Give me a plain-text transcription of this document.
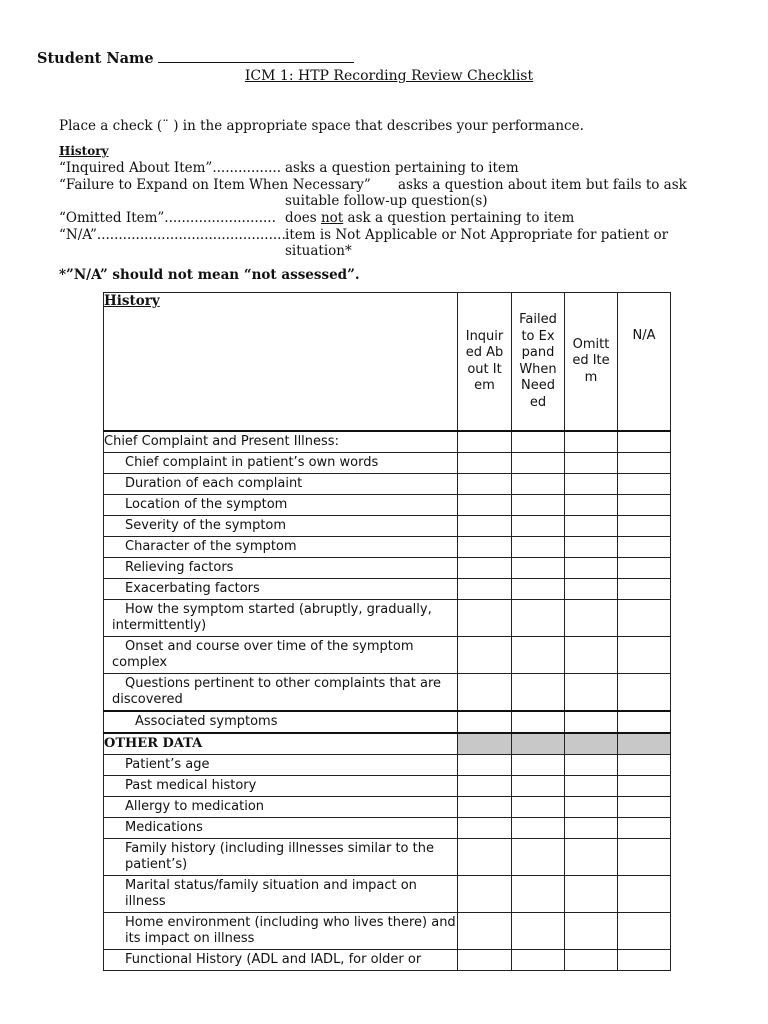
Student Name
ICM 1: HTP Recording Review Checklist
Place a check (¨ ) in the appropriate space that describes your performance.
History
“Inquired About Item”................ asks a question pertaining to item
“Failure to Expand on Item When Necessary” asks a question about item but fails to ask
suitable follow-up question(s)
“Omitted Item”.......................... does not ask a question pertaining to item
“N/A”............................................ item is Not Applicable or Not Appropriate for patient or
situation*
*”N/A” should not mean “not assessed”.
History	Inquired About Item	Failed to Expand When Needed	Omitted Item	N/A

Chief Complaint and Present Illness:				
Chief complaint in patient’s own words				
Duration of each complaint				
Location of the symptom				
Severity of the symptom				
Character of the symptom				
Relieving factors				
Exacerbating factors				
How the symptom started (abruptly, gradually, intermittently)				
Onset and course over time of the symptom complex				
Questions pertinent to other complaints that are discovered				
Associated symptoms				
OTHER DATA				
Patient’s age				
Past medical history				
Allergy to medication				
Medications				
Family history (including illnesses similar to the patient’s)				
Marital status/family situation and impact on illness				
Home environment (including who lives there) and its impact on illness				
Functional History (ADL and IADL, for older or				
